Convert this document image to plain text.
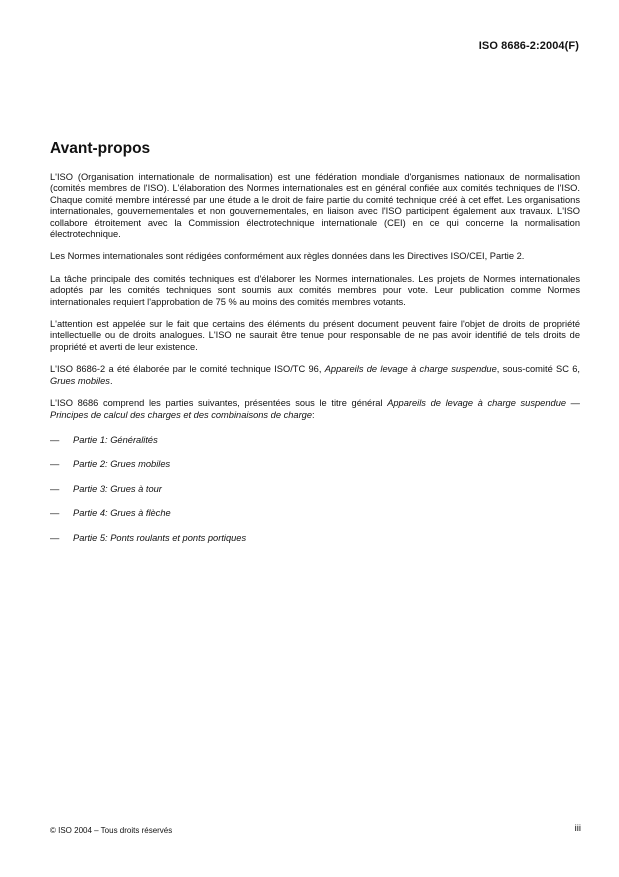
ISO 8686-2:2004(F)
Avant-propos

L'ISO (Organisation internationale de normalisation) est une fédération mondiale d'organismes nationaux de normalisation (comités membres de l'ISO). L'élaboration des Normes internationales est en général confiée aux comités techniques de l'ISO. Chaque comité membre intéressé par une étude a le droit de faire partie du comité technique créé à cet effet. Les organisations internationales, gouvernementales et non gouvernementales, en liaison avec l'ISO participent également aux travaux. L'ISO collabore étroitement avec la Commission électrotechnique internationale (CEI) en ce qui concerne la normalisation électrotechnique.

Les Normes internationales sont rédigées conformément aux règles données dans les Directives ISO/CEI, Partie 2.

La tâche principale des comités techniques est d'élaborer les Normes internationales. Les projets de Normes internationales adoptés par les comités techniques sont soumis aux comités membres pour vote. Leur publication comme Normes internationales requiert l'approbation de 75 % au moins des comités membres votants.

L'attention est appelée sur le fait que certains des éléments du présent document peuvent faire l'objet de droits de propriété intellectuelle ou de droits analogues. L'ISO ne saurait être tenue pour responsable de ne pas avoir identifié de tels droits de propriété et averti de leur existence.

L'ISO 8686-2 a été élaborée par le comité technique ISO/TC 96, Appareils de levage à charge suspendue, sous-comité SC 6, Grues mobiles.

L'ISO 8686 comprend les parties suivantes, présentées sous le titre général Appareils de levage à charge suspendue — Principes de calcul des charges et des combinaisons de charge:

—	Partie 1: Généralités
—	Partie 2: Grues mobiles
—	Partie 3: Grues à tour
—	Partie 4: Grues à flèche
—	Partie 5: Ponts roulants et ponts portiques
© ISO 2004 – Tous droits réservés	iii
